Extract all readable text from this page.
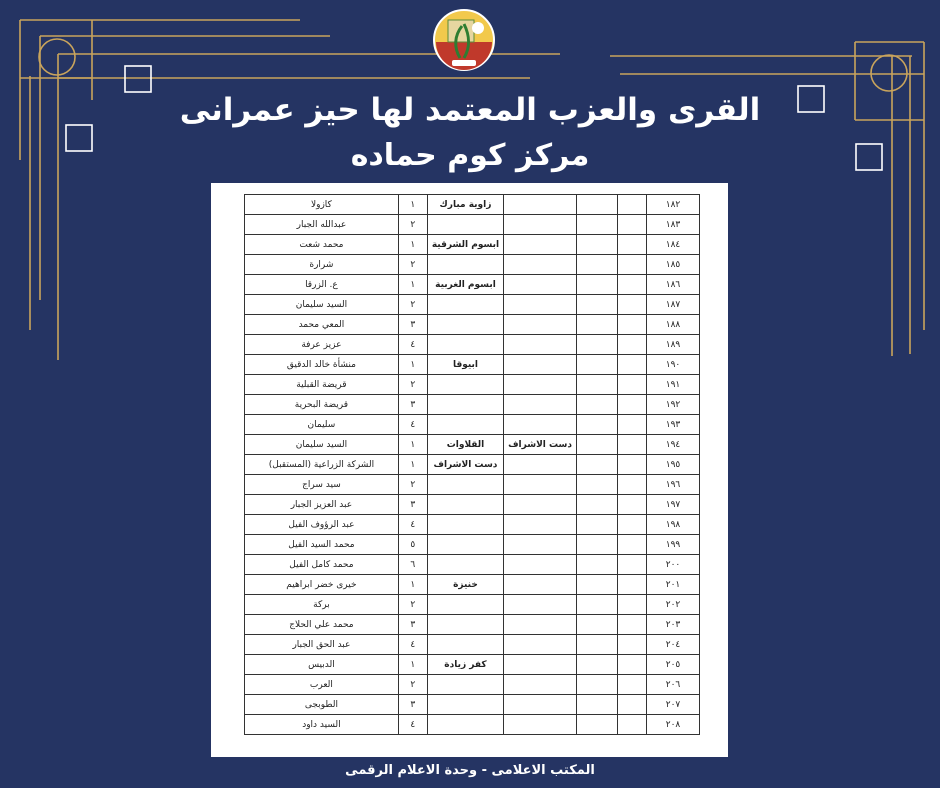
القرى والعزب المعتمد لها حيز عمرانى
مركز كوم حماده
١٨٢				زاوية مبارك	١	كازولا
١٨٣					٢	عبدالله الجبار
١٨٤				ابسوم الشرقية	١	محمد شعت
١٨٥					٢	شرارة
١٨٦				ابسوم الغربية	١	ع. الزرقا
١٨٧					٢	السيد سليمان
١٨٨					٣	المعي محمد
١٨٩					٤	عزيز عرفة
١٩٠				ابيوقا	١	منشأة خالد الدقيق
١٩١					٢	قريضة القبلية
١٩٢					٣	قريضة البحرية
١٩٣					٤	سليمان
١٩٤			دست الاشراف	القلاوات	١	السيد سليمان
١٩٥				دست الاشراف	١	الشركة الزراعية (المستقبل)
١٩٦					٢	سيد سراج
١٩٧					٣	عبد العزيز الجبار
١٩٨					٤	عبد الرؤوف الفيل
١٩٩					٥	محمد السيد الفيل
٢٠٠					٦	محمد كامل الفيل
٢٠١				خنيزة	١	خيرى خضر ابراهيم
٢٠٢					٢	بركة
٢٠٣					٣	محمد علي الحلاج
٢٠٤					٤	عبد الحق الجبار
٢٠٥				كفر زيادة	١	الدبيس
٢٠٦					٢	العرب
٢٠٧					٣	الطوبجى
٢٠٨					٤	السيد داود
المكتب الاعلامى - وحدة الاعلام الرقمى
